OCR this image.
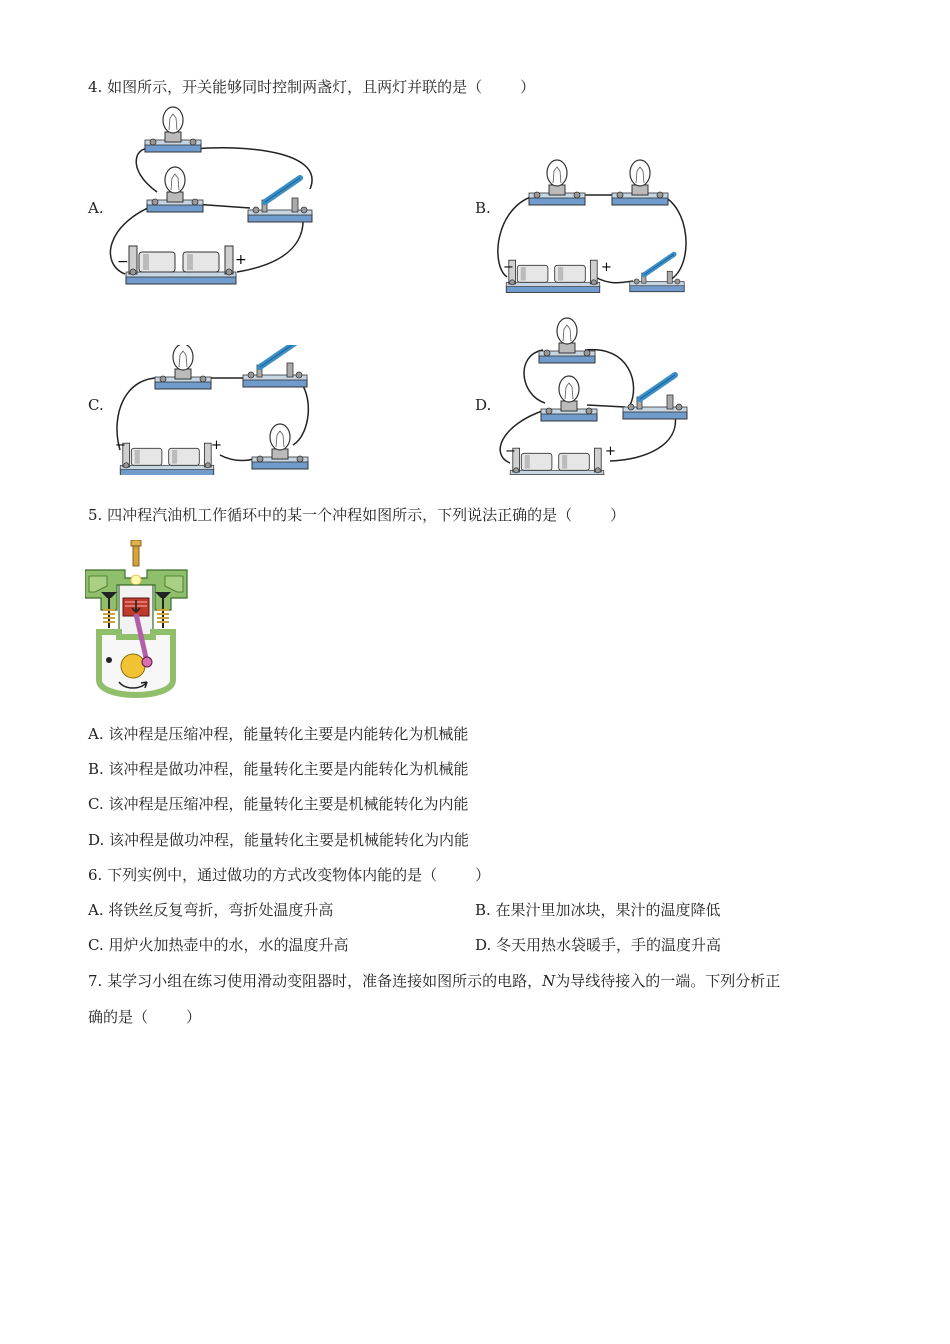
4. 如图所示，开关能够同时控制两盏灯，且两灯并联的是（	）
A.
−	+
B.
−	+
C.
−	+
D.
−	+
5. 四冲程汽油机工作循环中的某一个冲程如图所示，下列说法正确的是（	）
A. 该冲程是压缩冲程，能量转化主要是内能转化为机械能
B. 该冲程是做功冲程，能量转化主要是内能转化为机械能
C. 该冲程是压缩冲程，能量转化主要是机械能转化为内能
D. 该冲程是做功冲程，能量转化主要是机械能转化为内能
6. 下列实例中，通过做功的方式改变物体内能的是（	）
A. 将铁丝反复弯折，弯折处温度升高	B. 在果汁里加冰块，果汁的温度降低
C. 用炉火加热壶中的水，水的温度升高	D. 冬天用热水袋暖手，手的温度升高
7. 某学习小组在练习使用滑动变阻器时，准备连接如图所示的电路，N为导线待接入的一端。下列分析正
确的是（	）
